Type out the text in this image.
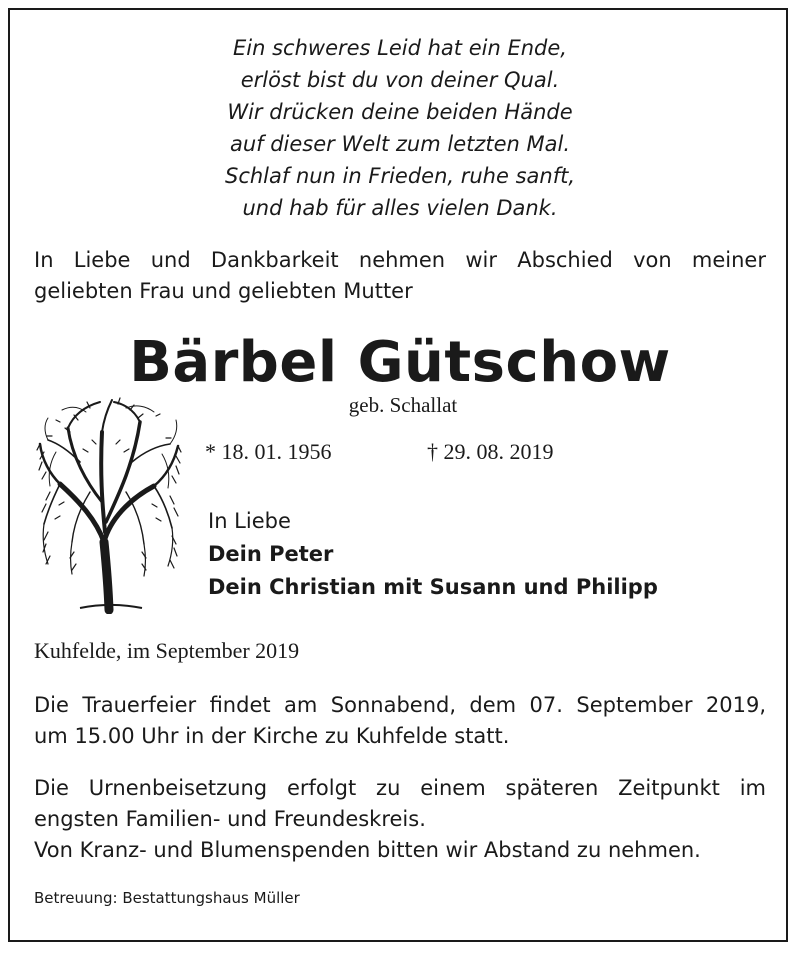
Ein schweres Leid hat ein Ende,
erlöst bist du von deiner Qual.
Wir drücken deine beiden Hände
auf dieser Welt zum letzten Mal.
Schlaf nun in Frieden, ruhe sanft,
und hab für alles vielen Dank.
In Liebe und Dankbarkeit nehmen wir Abschied von meiner
geliebten Frau und geliebten Mutter
Bärbel Gütschow
geb. Schallat
* 18. 01. 1956	† 29. 08. 2019
In Liebe
Dein Peter
Dein Christian mit Susann und Philipp
Kuhfelde, im September 2019
Die Trauerfeier findet am Sonnabend, dem 07. September 2019,
um 15.00 Uhr in der Kirche zu Kuhfelde statt.
Die Urnenbeisetzung erfolgt zu einem späteren Zeitpunkt im
engsten Familien- und Freundeskreis.
Von Kranz- und Blumenspenden bitten wir Abstand zu nehmen.
Betreuung: Bestattungshaus Müller
